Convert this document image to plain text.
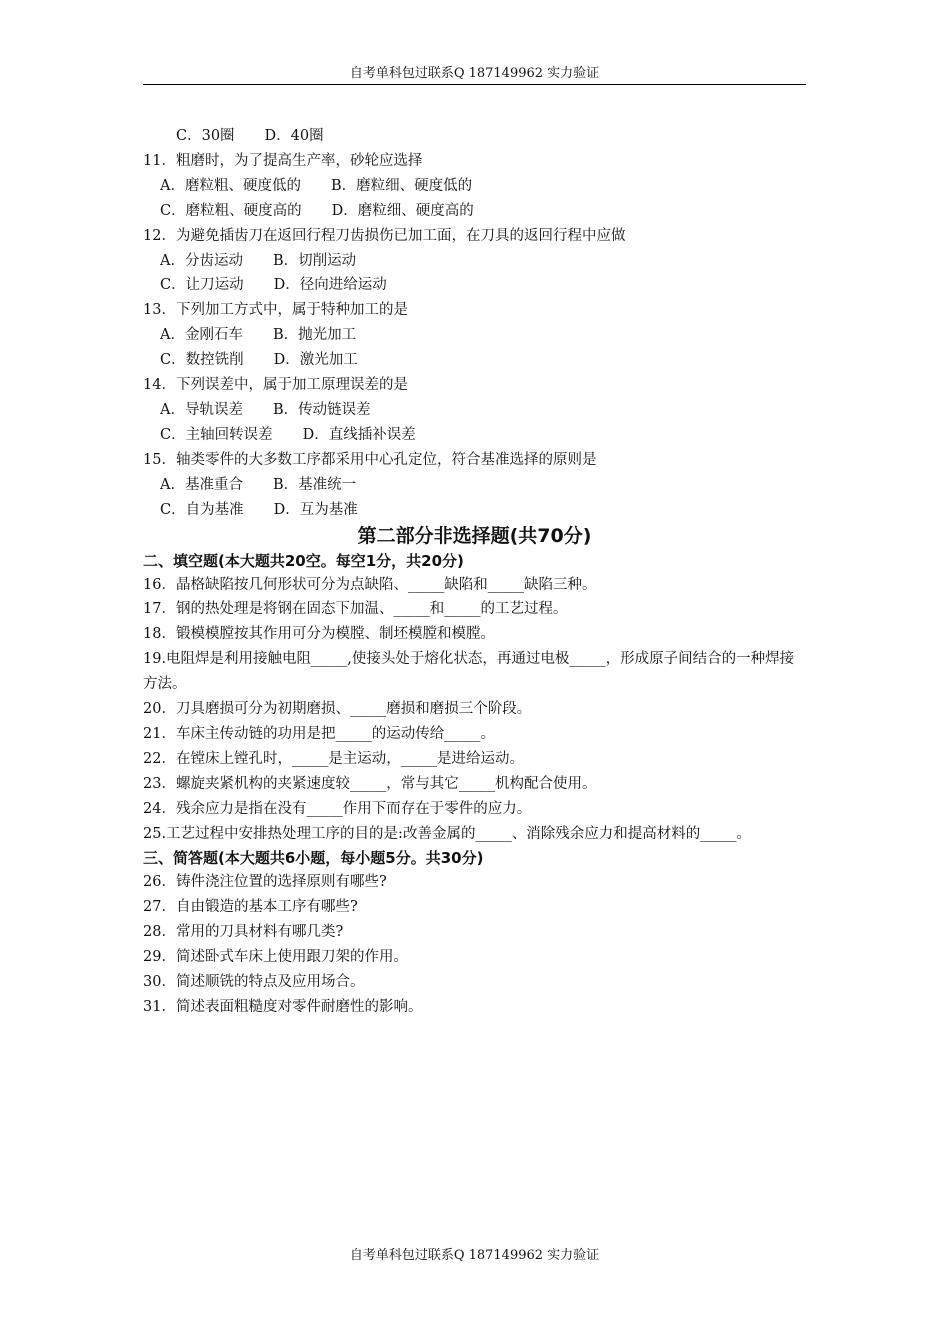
自考单科包过联系Q 187149962 实力验证
C．30圈 D．40圈
11．粗磨时，为了提高生产率，砂轮应选择
A．磨粒粗、硬度低的 B．磨粒细、硬度低的
C．磨粒粗、硬度高的 D．磨粒细、硬度高的
12．为避免插齿刀在返回行程刀齿损伤已加工面，在刀具的返回行程中应做
A．分齿运动 B．切削运动
C．让刀运动 D．径向进给运动
13．下列加工方式中，属于特种加工的是
A．金刚石车 B．抛光加工
C．数控铣削 D．激光加工
14．下列误差中，属于加工原理误差的是
A．导轨误差 B．传动链误差
C．主轴回转误差 D．直线插补误差
15．轴类零件的大多数工序都采用中心孔定位，符合基准选择的原则是
A．基准重合 B．基准统一
C．自为基准 D．互为基准
第二部分非选择题(共70分)
二、填空题(本大题共20空。每空1分，共20分)
16．晶格缺陷按几何形状可分为点缺陷、_____缺陷和_____缺陷三种。
17．钢的热处理是将钢在固态下加温、_____和_____的工艺过程。
18．锻模模膛按其作用可分为模膛、制坯模膛和模膛。
19.电阻焊是利用接触电阻_____,使接头处于熔化状态，再通过电极_____，形成原子间结合的一种焊接方法。
20．刀具磨损可分为初期磨损、_____磨损和磨损三个阶段。
21．车床主传动链的功用是把_____的运动传给_____。
22．在镗床上镗孔时，_____是主运动，_____是进给运动。
23．螺旋夹紧机构的夹紧速度较_____，常与其它_____机构配合使用。
24．残余应力是指在没有_____作用下而存在于零件的应力。
25.工艺过程中安排热处理工序的目的是:改善金属的_____、消除残余应力和提高材料的_____。
三、简答题(本大题共6小题，每小题5分。共30分)
26．铸件浇注位置的选择原则有哪些?
27．自由锻造的基本工序有哪些?
28．常用的刀具材料有哪几类?
29．简述卧式车床上使用跟刀架的作用。
30．简述顺铣的特点及应用场合。
31．简述表面粗糙度对零件耐磨性的影响。
自考单科包过联系Q 187149962 实力验证
